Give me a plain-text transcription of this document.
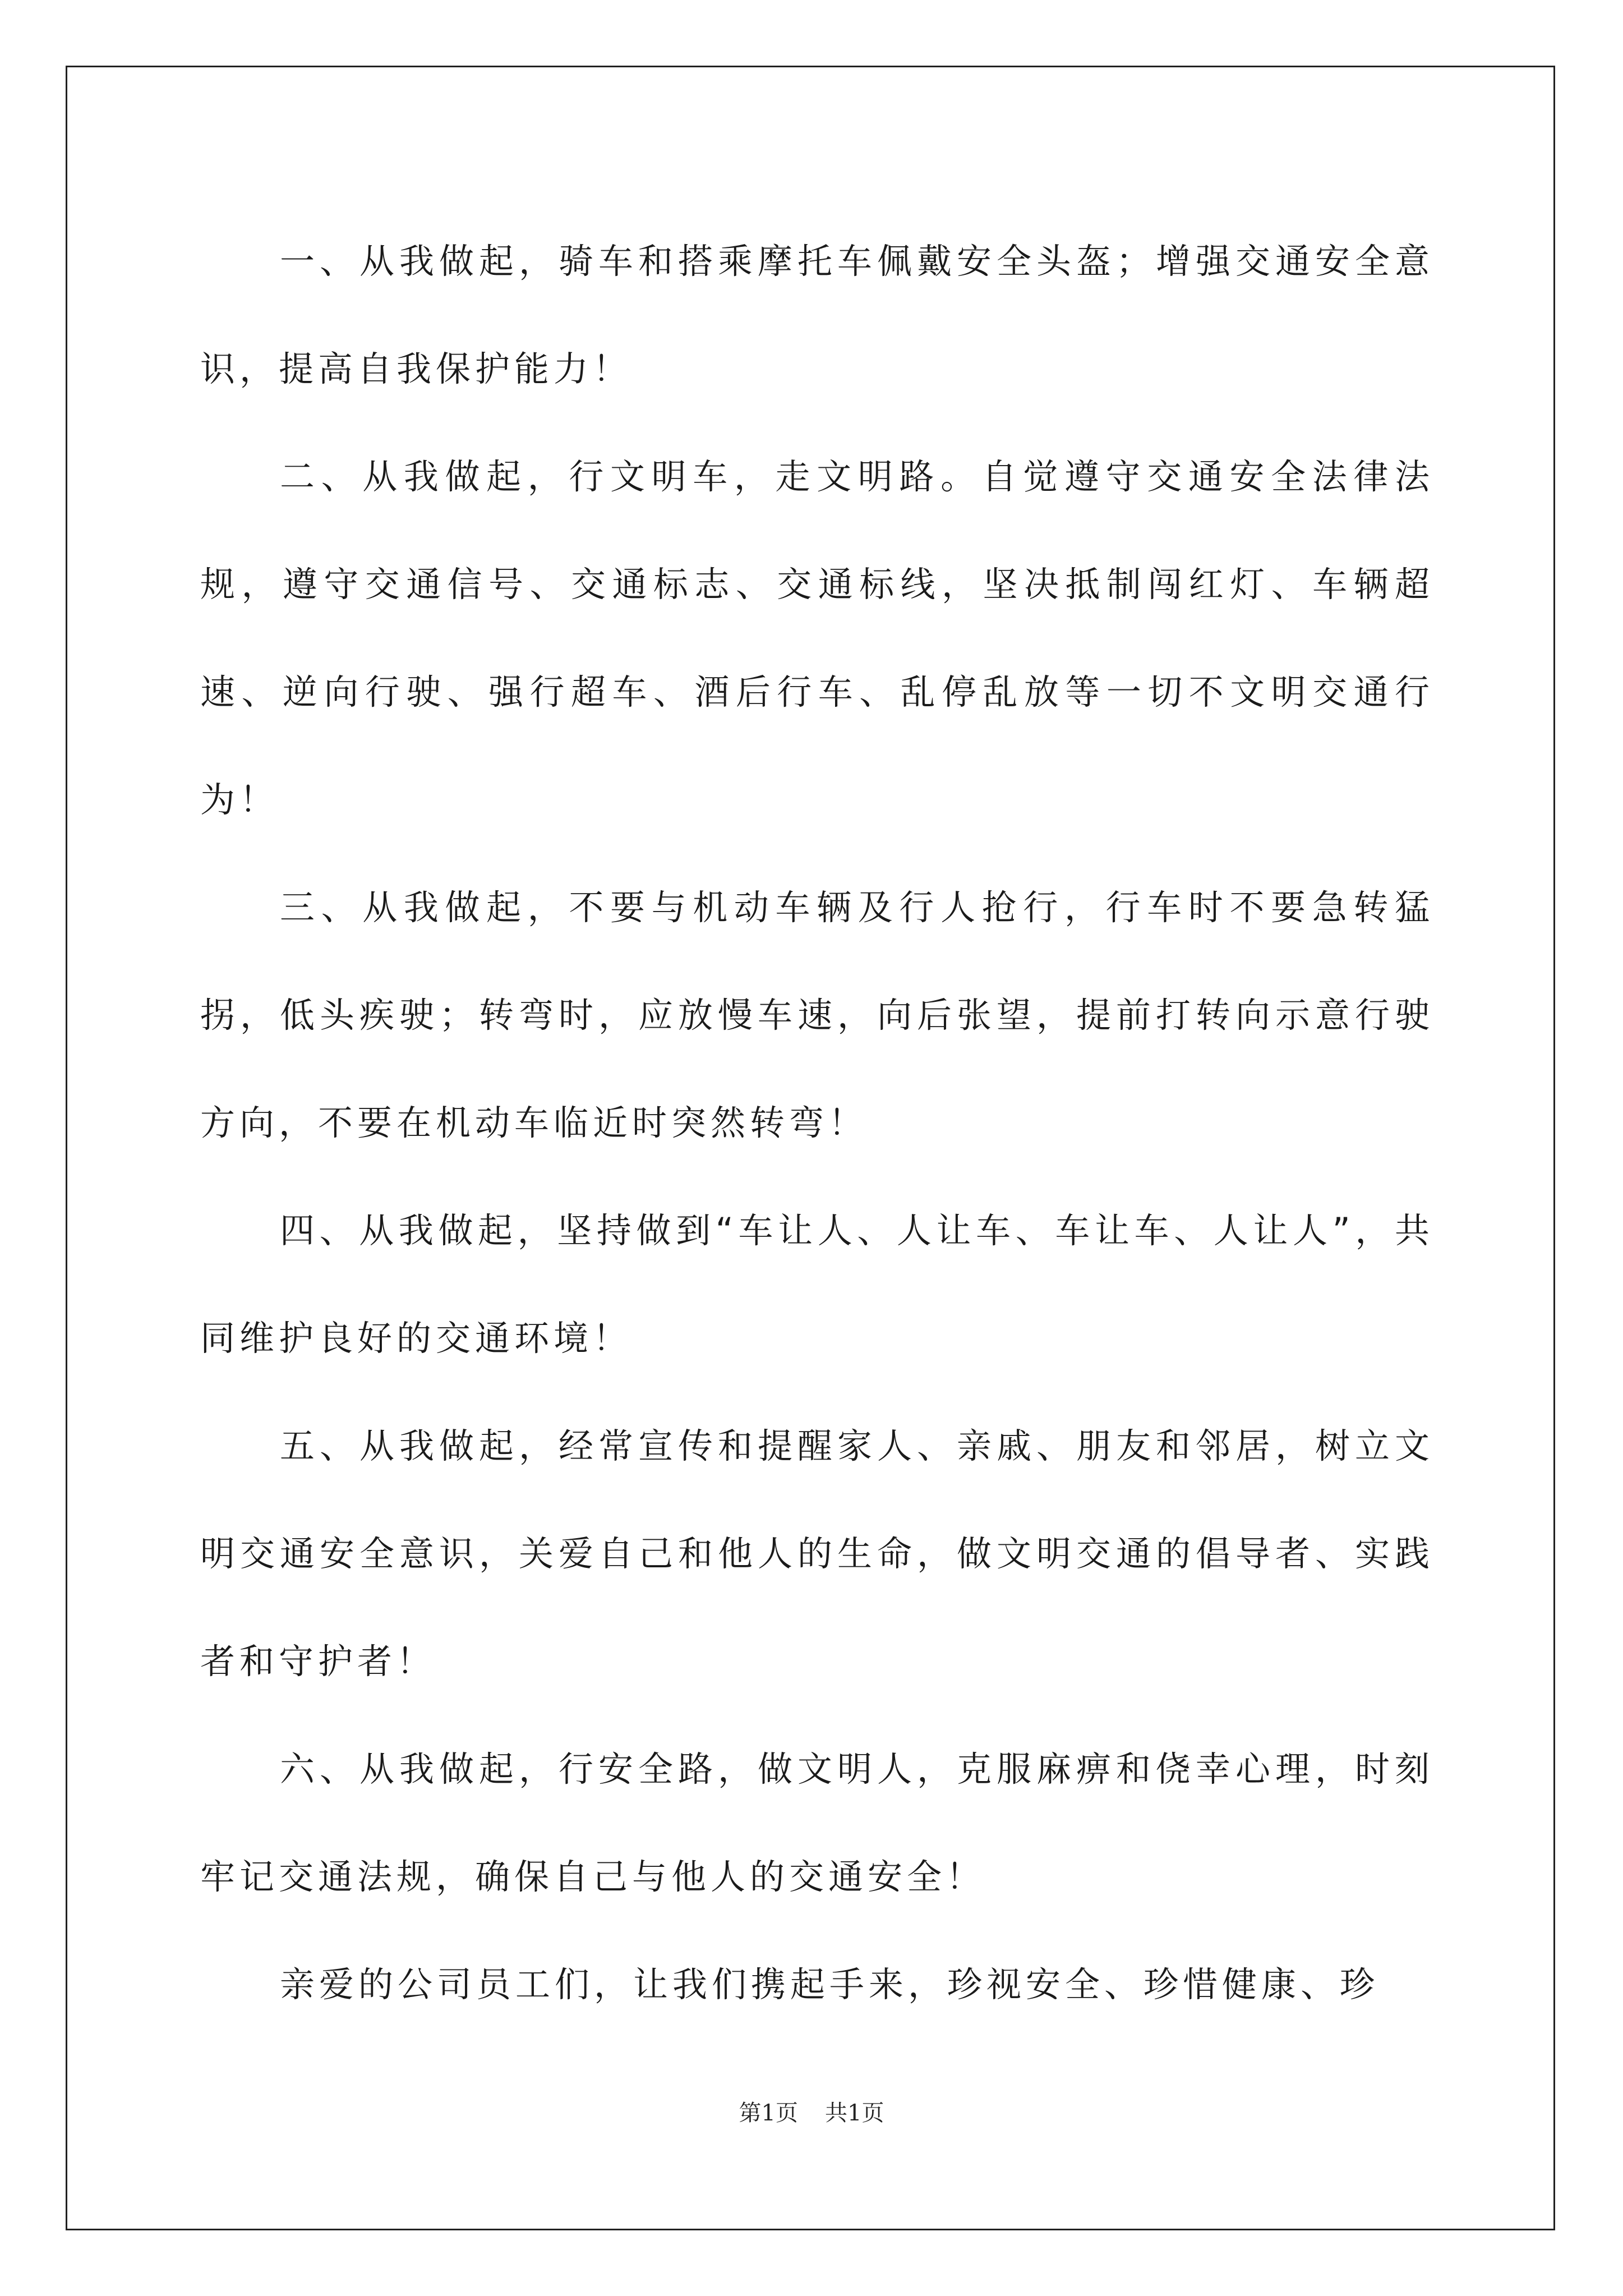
一、从我做起，骑车和搭乘摩托车佩戴安全头盔；增强交通安全意识，提高自我保护能力！

二、从我做起，行文明车，走文明路。自觉遵守交通安全法律法规，遵守交通信号、交通标志、交通标线，坚决抵制闯红灯、车辆超速、逆向行驶、强行超车、酒后行车、乱停乱放等一切不文明交通行为！

三、从我做起，不要与机动车辆及行人抢行，行车时不要急转猛拐，低头疾驶；转弯时，应放慢车速，向后张望，提前打转向示意行驶方向，不要在机动车临近时突然转弯！

四、从我做起，坚持做到“车让人、人让车、车让车、人让人”，共同维护良好的交通环境！

五、从我做起，经常宣传和提醒家人、亲戚、朋友和邻居，树立文明交通安全意识，关爱自己和他人的生命，做文明交通的倡导者、实践者和守护者！

六、从我做起，行安全路，做文明人，克服麻痹和侥幸心理，时刻牢记交通法规，确保自己与他人的交通安全！

亲爱的公司员工们，让我们携起手来，珍视安全、珍惜健康、珍

第1页 共1页
